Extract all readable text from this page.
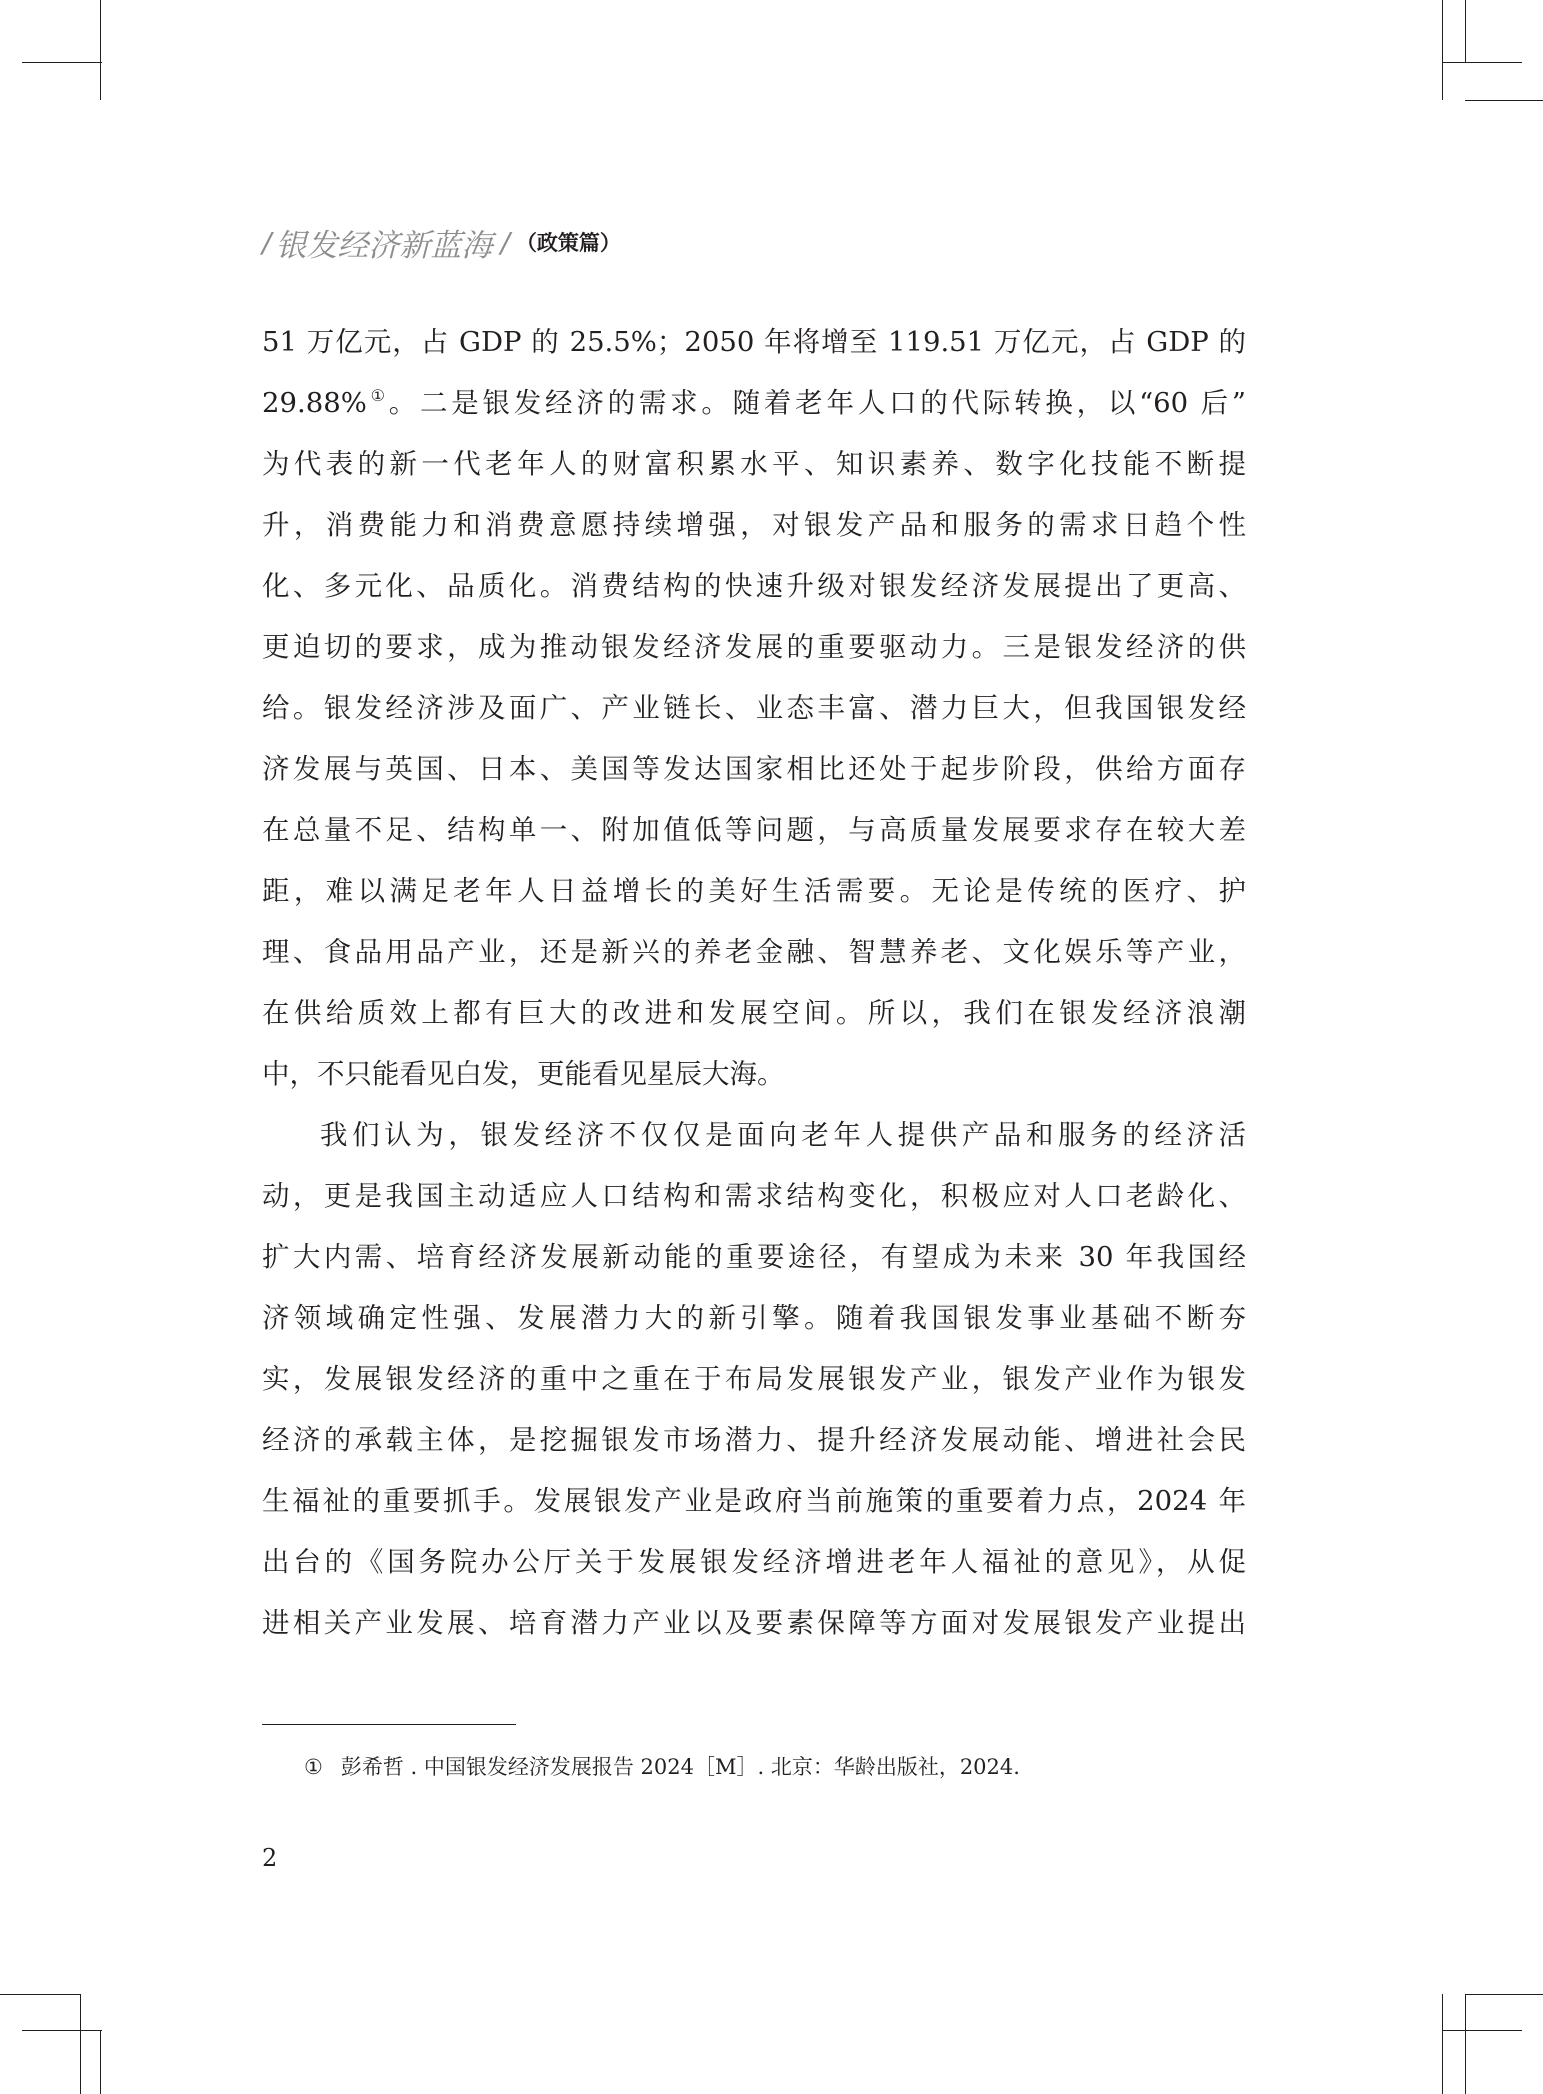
/ 银发经济新蓝海 / （政策篇）
51 万亿元，占 GDP 的 25.5%；2050 年将增至 119.51 万亿元，占 GDP 的
29.88%①。二是银发经济的需求。随着老年人口的代际转换，以“60 后”
为代表的新一代老年人的财富积累水平、知识素养、数字化技能不断提
升，消费能力和消费意愿持续增强，对银发产品和服务的需求日趋个性
化、多元化、品质化。消费结构的快速升级对银发经济发展提出了更高、
更迫切的要求，成为推动银发经济发展的重要驱动力。三是银发经济的供
给。银发经济涉及面广、产业链长、业态丰富、潜力巨大，但我国银发经
济发展与英国、日本、美国等发达国家相比还处于起步阶段，供给方面存
在总量不足、结构单一、附加值低等问题，与高质量发展要求存在较大差
距，难以满足老年人日益增长的美好生活需要。无论是传统的医疗、护
理、食品用品产业，还是新兴的养老金融、智慧养老、文化娱乐等产业，
在供给质效上都有巨大的改进和发展空间。所以，我们在银发经济浪潮
中，不只能看见白发，更能看见星辰大海。
我们认为，银发经济不仅仅是面向老年人提供产品和服务的经济活
动，更是我国主动适应人口结构和需求结构变化，积极应对人口老龄化、
扩大内需、培育经济发展新动能的重要途径，有望成为未来 30 年我国经
济领域确定性强、发展潜力大的新引擎。随着我国银发事业基础不断夯
实，发展银发经济的重中之重在于布局发展银发产业，银发产业作为银发
经济的承载主体，是挖掘银发市场潜力、提升经济发展动能、增进社会民
生福祉的重要抓手。发展银发产业是政府当前施策的重要着力点，2024 年
出台的《国务院办公厅关于发展银发经济增进老年人福祉的意见》，从促
进相关产业发展、培育潜力产业以及要素保障等方面对发展银发产业提出
① 彭希哲 . 中国银发经济发展报告 2024［M］. 北京：华龄出版社，2024.
2
